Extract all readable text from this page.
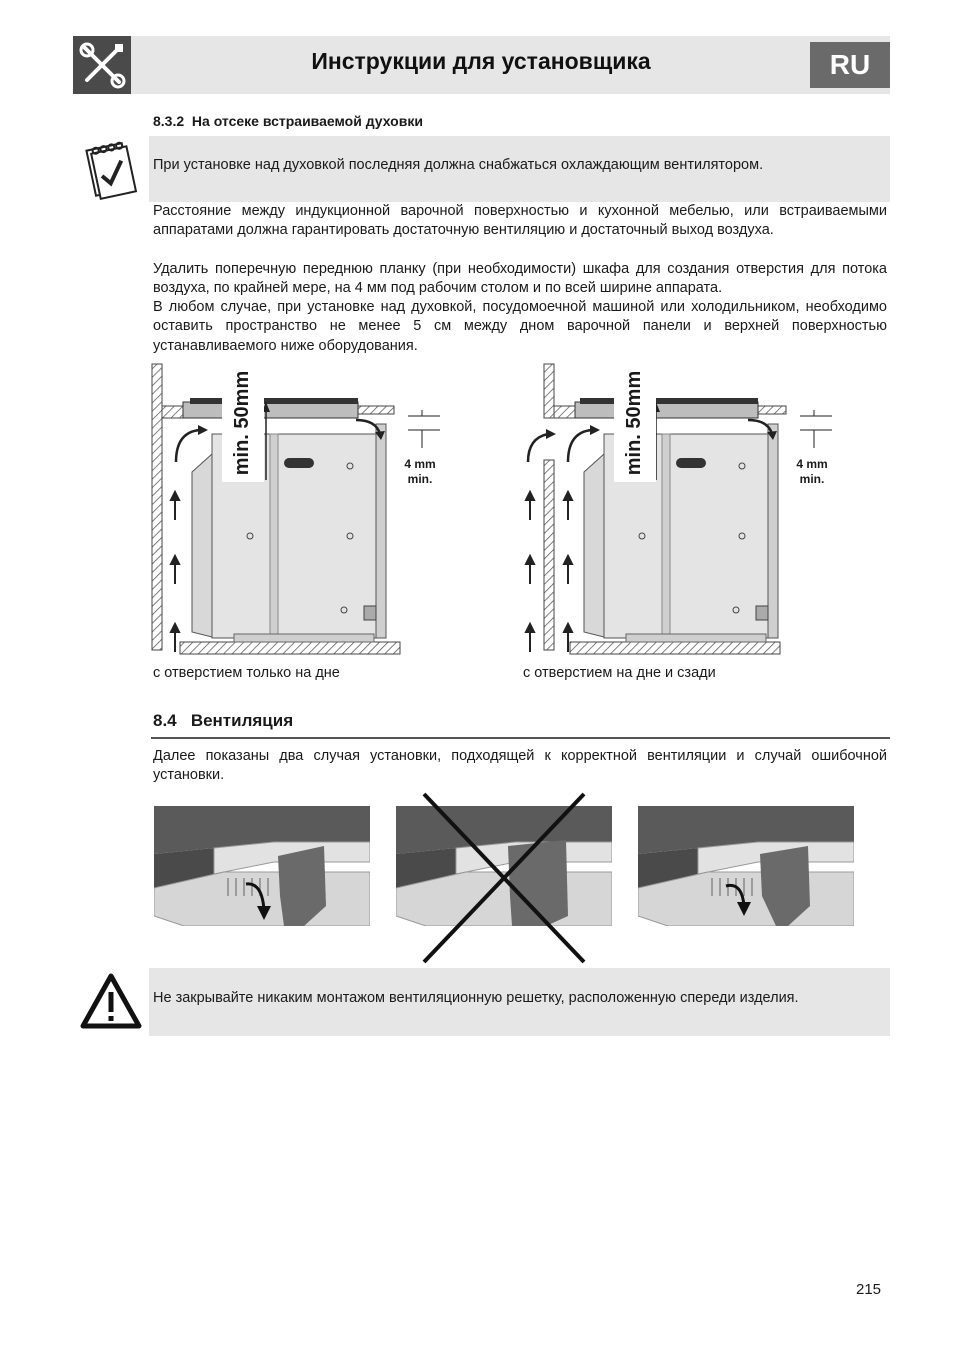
Инструкции для установщика	RU
8.3.2 На отсеке встраиваемой духовки
При установке над духовкой последняя должна снабжаться охлаждающим вентилятором.
Расстояние между индукционной варочной поверхностью и кухонной мебелью, или встраиваемыми аппаратами должна гарантировать достаточную вентиляцию и достаточный выход воздуха.
Удалить поперечную переднюю планку (при необходимости) шкафа для создания отверстия для потока воздуха, по крайней мере, на 4 мм под рабочим столом и по всей ширине аппарата.
В любом случае, при установке над духовкой, посудомоечной машиной или холодильником, необходимо оставить пространство не менее 5 см между дном варочной панели и верхней поверхностью устанавливаемого ниже оборудования.
min. 50mm	4 mm
min.
min. 50mm	4 mm
min.
с отверстием только на дне	с отверстием на дне и сзади
8.4 Вентиляция
Далее показаны два случая установки, подходящей к корректной вентиляции и случай ошибочной установки.
Не закрывайте никаким монтажом вентиляционную решетку, расположенную спереди изделия.
215
